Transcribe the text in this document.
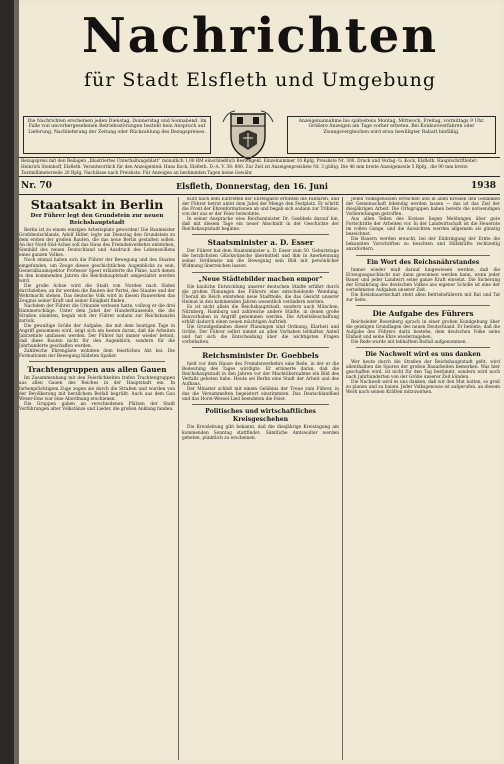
Nachrichten
für Stadt Elsfleth und Umgebung
Die Nachrichten erscheinen jeden Dienstag, Donnerstag und Sonnabend. Im Falle von unvorhergesehenen Betriebsstörungen besteht kein Anspruch auf Lieferung, Nachlieferung der Zeitung oder Rückzahlung des Bezugspreises.
Anzeigenannahme bis spätestens Montag, Mittwoch, Freitag, vormittags 9 Uhr. Größere Anzeigen am Tage vorher erbeten. Bei Konkursverfahren oder Zwangsvergleichen wird etwa bewilligter Rabatt hinfällig.
Bezugspreis mit den Beilagen „Illustriertes Unterhaltungsblatt“ monatlich 1,00 RM einschließlich Bestellgeld. Einzelnummer 10 Rpfg. Preisliste Nr. 300. Druck und Verlag: G. Kock, Elsfleth. Hauptschriftleiter: Heinrich Steinhoff, Elsfleth. Verantwortlich für den Anzeigenteil: Hans Kock, Elsfleth. D.-A. V. 38: 800. Zur Zeit ist Anzeigenpreisliste Nr. 3 gültig. Die 46 mm breite Anzeigenzeile 5 Rpfg., die 90 mm breite Textmillimeterzeile 20 Rpfg. Nachlässe nach Preisliste. Für Anzeigen an bestimmten Tagen keine Gewähr.
Nr. 70	Elsfleth, Donnerstag, den 16. Juni	1938
Staatsakt in Berlin
Der Führer legt den Grundstein zur neuen Reichshauptstadt

Berlin ist zu einem einzigen Arbeitsplatz geworden! Die Baumeister Großdeutschlands, Adolf Hitler, legte am Dienstag den Grundstein zu dem ersten der großen Bauten, die das neue Berlin gestalten sollen. An der Nord-Süd-Achse soll das Haus des Fremdenverkehrs entstehen, Sinnbild des neuen Deutschland und Ausdruck des Lebenswillens eines ganzen Volkes.

Noch einmal haben sich die Führer der Bewegung und des Staates eingefunden, um Zeuge dieses geschichtlichen Augenblicks zu sein. Generalbauinspektor Professor Speer erläuterte die Pläne, nach denen in den kommenden Jahren die Reichshauptstadt umgestaltet werden wird.

Die große Achse wird die Stadt von Norden nach Süden durchziehen; an ihr werden die Bauten der Partei, des Staates und der Wehrmacht stehen. Das deutsche Volk wird in diesen Bauwerken das Zeugnis seiner Kraft und seiner Einigkeit finden.

Nachdem der Führer die Urkunde verlesen hatte, vollzog er die drei Hammerschläge. Unter dem Jubel der Hunderttausende, die die Straßen säumten, begab sich der Führer sodann zur Reichskanzlei zurück.

Die gewaltige Größe der Aufgabe, die mit dem heutigen Tage in Angriff genommen wird, zeigt sich am besten daran, daß die Arbeiten Jahrzehnte umfassen werden. Der Führer hat immer wieder betont, daß diese Bauten nicht für den Augenblick, sondern für die Jahrhunderte geschaffen werden.

Zahlreiche Ehrengäste wohnten dem feierlichen Akt bei. Die Formationen der Bewegung bildeten Spalier.

Trachtengruppen aus allen Gauen

Im Zusammenhang mit den Feierlichkeiten trafen Trachtengruppen aus allen Gauen des Reiches in der Hauptstadt ein. In farbenprächtigem Zuge zogen sie durch die Straßen und wurden von der Bevölkerung mit herzlichem Beifall begrüßt. Auch aus dem Gau Weser-Ems war eine Abordnung erschienen.

Die Gruppen gaben an verschiedenen Plätzen der Stadt Vorführungen alter Volkstänze und Lieder, die großen Anklang fanden.

Kurz nach dem Eintreffen der Ehrengäste ertönten die Fanfaren, und der Führer betrat unter dem Jubel der Menge den Festplatz. Er schritt die Front der Ehrenformationen ab und begab sich sodann zur Tribüne, von der aus er der Feier beiwohnte.

In seiner Ansprache wies Reichsminister Dr. Goebbels darauf hin, daß mit diesem Tage ein neuer Abschnitt in der Geschichte der Reichshauptstadt beginne.

Staatsminister a. D. Esser

Der Führer hat dem Staatsminister a. D. Esser zum 50. Geburtstage die herzlichsten Glückwünsche übermittelt und ihm in Anerkennung seiner Verdienste um die Bewegung sein Bild mit persönlicher Widmung überreichen lassen.

„Neue Städtebilder machen empor“

Die bauliche Entwicklung unserer deutschen Städte erfährt durch die großen Planungen des Führers eine entscheidende Wendung. Überall im Reich entstehen neue Stadtteile, die das Gesicht unserer Heimat in den kommenden Jahren wesentlich verändern werden.

Es ist nicht allein die Reichshauptstadt, sondern auch München, Nürnberg, Hamburg und zahlreiche andere Städte, in denen große Bauvorhaben in Angriff genommen werden. Die Arbeitsbeschaffung erhält dadurch einen neuen mächtigen Auftrieb.

Die Grundgedanken dieser Planungen sind Ordnung, Klarheit und Größe. Der Führer selbst nimmt an allen Vorhaben lebhaften Anteil und hat sich die Entscheidung über die wichtigsten Fragen vorbehalten.

Reichsminister Dr. Goebbels

hielt vor dem Hause des Fremdenverkehrs eine Rede, in der er die Bedeutung des Tages würdigte. Er erinnerte daran, daß die Reichshauptstadt in den Jahren vor der Machtübernahme ein Bild des Verfalls geboten habe. Heute sei Berlin eine Stadt der Arbeit und des Aufbaus.

Der Minister schloß mit einem Gelöbnis der Treue zum Führer, in das die Versammelten begeistert einstimmten. Das Deutschlandlied und das Horst-Wessel-Lied beendeten die Feier.

Politisches und wirtschaftliches Kreisgeschehen

Die Kreisleitung gibt bekannt, daß die diesjährige Kreistagung am kommenden Sonntag stattfindet. Sämtliche Amtswalter werden gebeten, pünktlich zu erscheinen.

Jeden Volksgenossen erreichen und in allen Kreisen den Gedanken der Gemeinschaft lebendig werden lassen — das ist das Ziel der diesjährigen Arbeit. Die Ortsgruppen haben bereits die notwendigen Vorbereitungen getroffen.

Aus allen Teilen des Kreises liegen Meldungen über gute Fortschritte der Arbeiten vor. In der Landwirtschaft ist die Heuernte im vollen Gange, und die Aussichten werden allgemein als günstig bezeichnet.

Die Bauern werden ersucht, bei der Einbringung der Ernte die bekannten Vorschriften zu beachten und Hilfskräfte rechtzeitig anzufordern.

Ein Wort des Reichsnährstandes

Immer wieder muß darauf hingewiesen werden, daß die Erzeugungsschlacht nur dann gewonnen werden kann, wenn jeder Bauer und jeder Landwirt seine ganze Kraft einsetzt. Die Sicherung der Ernährung des deutschen Volkes aus eigener Scholle ist eine der vornehmsten Aufgaben unserer Zeit.

Die Kreisbauernschaft steht allen Betriebsführern mit Rat und Tat zur Seite.

Die Aufgabe des Führers

Reichsleiter Rosenberg sprach in einer großen Kundgebung über die geistigen Grundlagen des neuen Deutschland. Er betonte, daß die Aufgabe des Führers darin bestehe, dem deutschen Volke seine Einheit und seine Ehre wiederzugeben.

Die Rede wurde mit lebhaftem Beifall aufgenommen.

Die Nachwelt wird es uns danken

Wer heute durch die Straßen der Reichshauptstadt geht, wird allenthalben die Spuren der großen Bauarbeiten bemerken. Was hier geschaffen wird, ist nicht für den Tag bestimmt, sondern wird noch nach Jahrhunderten von der Größe unserer Zeit künden.

Die Nachwelt wird es uns danken, daß wir den Mut hatten, so groß zu planen und zu bauen. Jeder Volksgenosse ist aufgerufen, an diesem Werk nach seinen Kräften mitzuwirken.
